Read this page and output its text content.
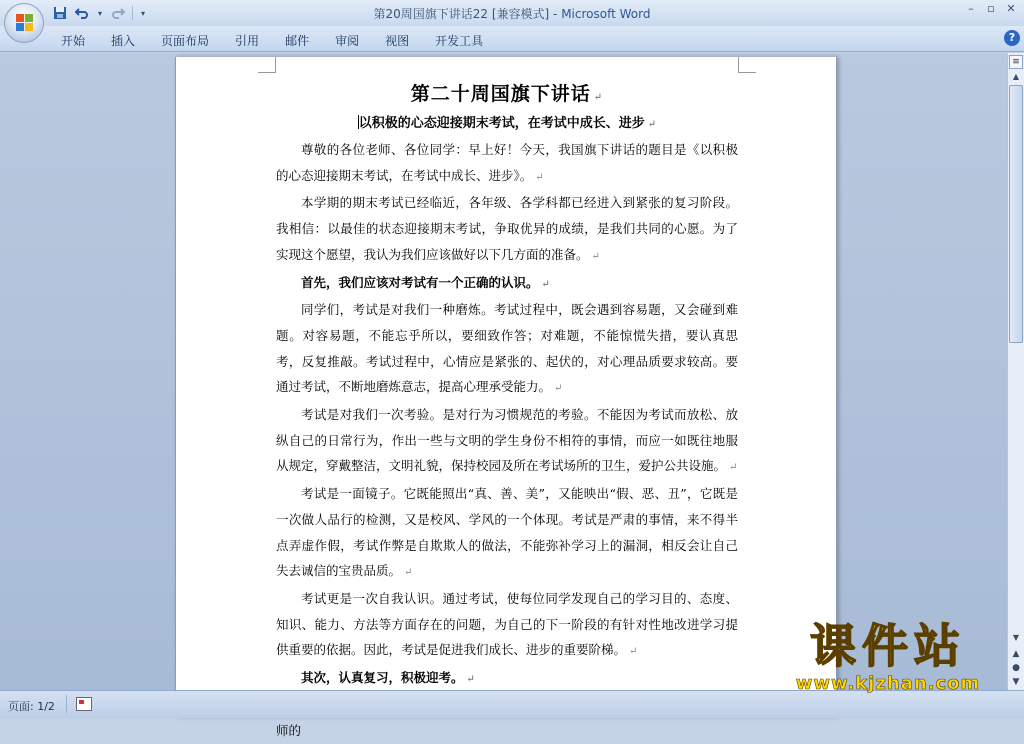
▾	▾	第20周国旗下讲话22 [兼容模式] - Microsoft Word	–	▫	✕
开始	插入	页面布局	引用	邮件	审阅	视图	开发工具	?
第二十周国旗下讲话 ↵
以积极的心态迎接期末考试，在考试中成长、进步 ↵
尊敬的各位老师、各位同学：早上好！今天，我国旗下讲话的题目是《以积极的心态迎接期末考试，在考试中成长、进步》。 ↵
本学期的期末考试已经临近，各年级、各学科都已经进入到紧张的复习阶段。我相信：以最佳的状态迎接期末考试，争取优异的成绩，是我们共同的心愿。为了实现这个愿望，我认为我们应该做好以下几方面的准备。 ↵
首先，我们应该对考试有一个正确的认识。 ↵
同学们，考试是对我们一种磨炼。考试过程中，既会遇到容易题，又会碰到难题。对容易题，不能忘乎所以，要细致作答；对难题，不能惊慌失措，要认真思考，反复推敲。考试过程中，心情应是紧张的、起伏的，对心理品质要求较高。要通过考试，不断地磨炼意志，提高心理承受能力。 ↵
考试是对我们一次考验。是对行为习惯规范的考验。不能因为考试而放松、放纵自己的日常行为，作出一些与文明的学生身份不相符的事情，而应一如既往地服从规定，穿戴整洁，文明礼貌，保持校园及所在考试场所的卫生，爱护公共设施。 ↵
考试是一面镜子。它既能照出“真、善、美”，又能映出“假、恶、丑”，它既是一次做人品行的检测，又是校风、学风的一个体现。考试是严肃的事情，来不得半点弄虚作假，考试作弊是自欺欺人的做法，不能弥补学习上的漏洞，相反会让自己失去诚信的宝贵品质。 ↵
考试更是一次自我认识。通过考试，使每位同学发现自己的学习目的、态度、知识、能力、方法等方面存在的问题，为自己的下一阶段的有针对性地改进学习提供重要的依据。因此，考试是促进我们成长、进步的重要阶梯。 ↵
其次，认真复习，积极迎考。 ↵
师的
≡
▲
▼
▲
●
▼
课件站
www.kjzhan.com
页面: 1/2
